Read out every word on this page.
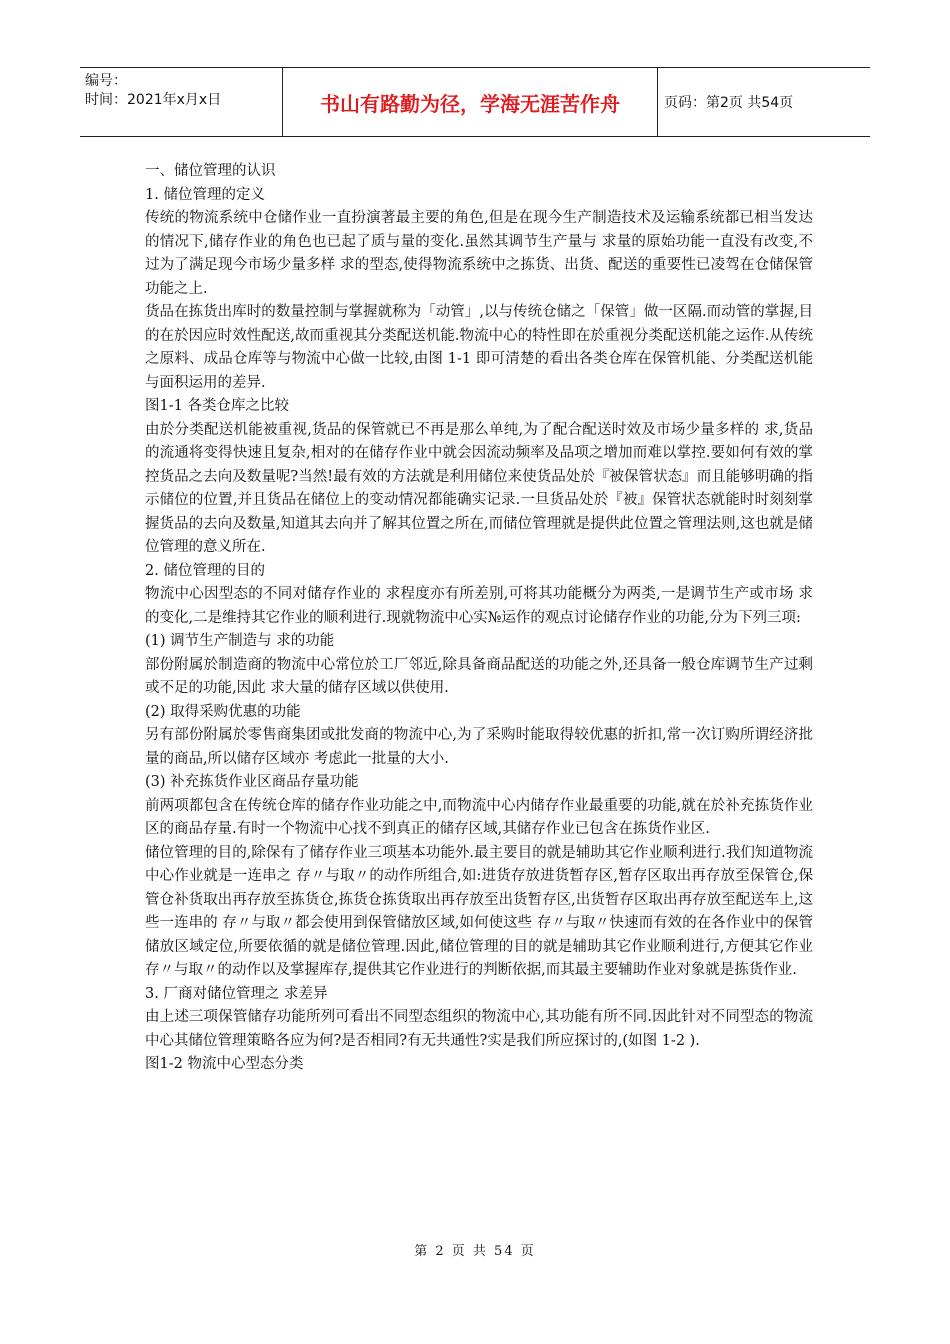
编号：
时间：2021年x月x日	书山有路勤为径，学海无涯苦作舟	页码：第2页 共54页

一、储位管理的认识

1. 储位管理的定义

传统的物流系统中仓储作业一直扮演著最主要的角色,但是在现今生产制造技术及运输系统都已相当发达的情况下,储存作业的角色也已起了质与量的变化.虽然其调节生产量与 求量的原始功能一直没有改变,不过为了满足现今市场少量多样 求的型态,使得物流系统中之拣货、出货、配送的重要性已凌驾在仓储保管功能之上.

货品在拣货出库时的数量控制与掌握就称为「动管」,以与传统仓储之「保管」做一区隔.而动管的掌握,目的在於因应时效性配送,故而重视其分类配送机能.物流中心的特性即在於重视分类配送机能之运作.从传统之原料、成品仓库等与物流中心做一比较,由图 1-1 即可清楚的看出各类仓库在保管机能、分类配送机能与面积运用的差异.

图1-1 各类仓库之比较

由於分类配送机能被重视,货品的保管就已不再是那么单纯,为了配合配送时效及市场少量多样的 求,货品的流通将变得快速且复杂,相对的在储存作业中就会因流动频率及品项之增加而难以掌控.要如何有效的掌控货品之去向及数量呢?当然!最有效的方法就是利用储位来使货品处於『被保管状态』而且能够明确的指示储位的位置,并且货品在储位上的变动情况都能确实记录.一旦货品处於『被』保管状态就能时时刻刻掌握货品的去向及数量,知道其去向并了解其位置之所在,而储位管理就是提供此位置之管理法则,这也就是储位管理的意义所在.

2. 储位管理的目的

物流中心因型态的不同对储存作业的 求程度亦有所差别,可将其功能概分为两类,一是调节生产或市场 求的变化,二是维持其它作业的顺利进行.现就物流中心实№运作的观点讨论储存作业的功能,分为下列三项:

(1) 调节生产制造与 求的功能

部份附属於制造商的物流中心常位於工厂邻近,除具备商品配送的功能之外,还具备一般仓库调节生产过剩或不足的功能,因此 求大量的储存区域以供使用.

(2) 取得采购优惠的功能

另有部份附属於零售商集团或批发商的物流中心,为了采购时能取得较优惠的折扣,常一次订购所谓经济批量的商品,所以储存区域亦 考虑此一批量的大小.

(3) 补充拣货作业区商品存量功能

前两项都包含在传统仓库的储存作业功能之中,而物流中心内储存作业最重要的功能,就在於补充拣货作业区的商品存量.有时一个物流中心找不到真正的储存区域,其储存作业已包含在拣货作业区.

储位管理的目的,除保有了储存作业三项基本功能外.最主要目的就是辅助其它作业顺利进行.我们知道物流中心作业就是一连串之 存〃与取〃的动作所组合,如:进货存放进货暂存区,暂存区取出再存放至保管仓,保管仓补货取出再存放至拣货仓,拣货仓拣货取出再存放至出货暂存区,出货暂存区取出再存放至配送车上,这些一连串的 存〃与取〃都会使用到保管储放区域,如何使这些 存〃与取〃快速而有效的在各作业中的保管储放区域定位,所要依循的就是储位管理.因此,储位管理的目的就是辅助其它作业顺利进行,方便其它作业 存〃与取〃的动作以及掌握库存,提供其它作业进行的判断依据,而其最主要辅助作业对象就是拣货作业.

3. 厂商对储位管理之 求差异

由上述三项保管储存功能所列可看出不同型态组织的物流中心,其功能有所不同.因此针对不同型态的物流中心其储位管理策略各应为何?是否相同?有无共通性?实是我们所应探讨的,(如图 1-2 ).

图1-2 物流中心型态分类

第 2 页 共 54 页
